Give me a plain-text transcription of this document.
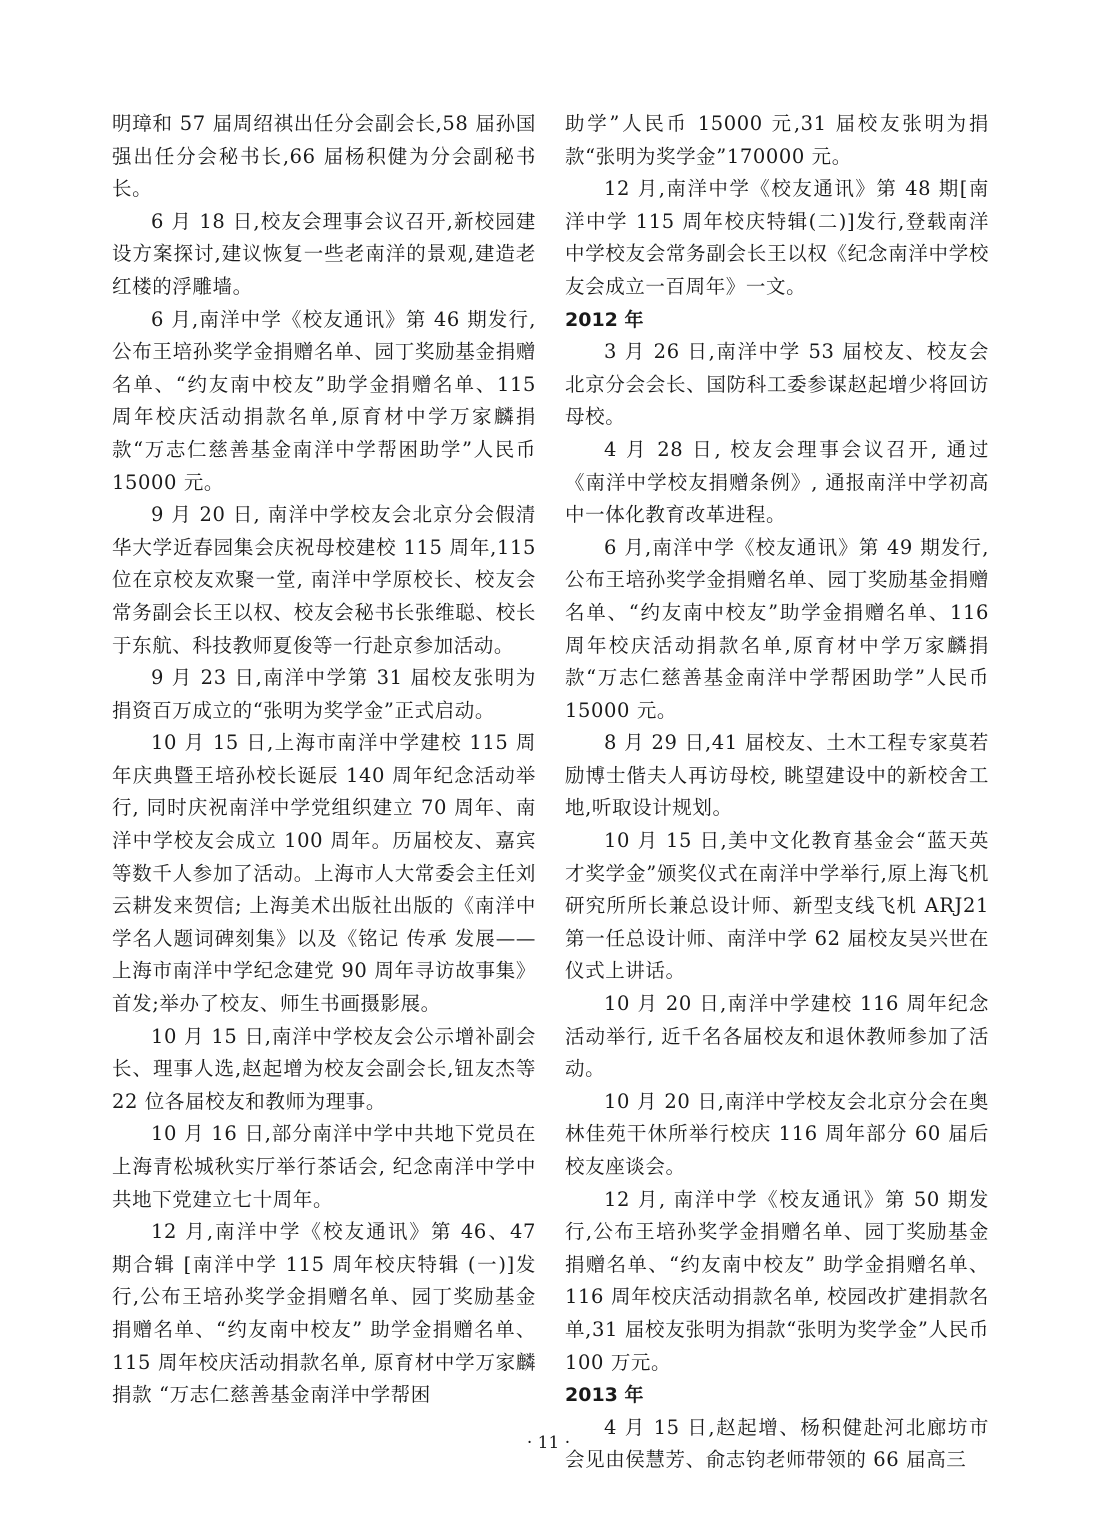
明璋和 57 届周绍祺出任分会副会长,58 届孙国强出任分会秘书长,66 届杨积健为分会副秘书长。

6 月 18 日,校友会理事会议召开,新校园建设方案探讨,建议恢复一些老南洋的景观,建造老红楼的浮雕墙。

6 月,南洋中学《校友通讯》第 46 期发行,公布王培孙奖学金捐赠名单、园丁奖励基金捐赠名单、“约友南中校友”助学金捐赠名单、115 周年校庆活动捐款名单,原育材中学万家麟捐款“万志仁慈善基金南洋中学帮困助学”人民币 15000 元。

9 月 20 日, 南洋中学校友会北京分会假清华大学近春园集会庆祝母校建校 115 周年,115 位在京校友欢聚一堂, 南洋中学原校长、校友会常务副会长王以权、校友会秘书长张维聪、校长于东航、科技教师夏俊等一行赴京参加活动。

9 月 23 日,南洋中学第 31 届校友张明为捐资百万成立的“张明为奖学金”正式启动。

10 月 15 日,上海市南洋中学建校 115 周年庆典暨王培孙校长诞辰 140 周年纪念活动举行, 同时庆祝南洋中学党组织建立 70 周年、南洋中学校友会成立 100 周年。历届校友、嘉宾等数千人参加了活动。上海市人大常委会主任刘云耕发来贺信; 上海美术出版社出版的《南洋中学名人题词碑刻集》以及《铭记 传承 发展——上海市南洋中学纪念建党 90 周年寻访故事集》首发;举办了校友、师生书画摄影展。

10 月 15 日,南洋中学校友会公示增补副会长、理事人选,赵起增为校友会副会长,钮友杰等 22 位各届校友和教师为理事。

10 月 16 日,部分南洋中学中共地下党员在上海青松城秋实厅举行茶话会, 纪念南洋中学中共地下党建立七十周年。

12 月,南洋中学《校友通讯》第 46、47 期合辑 [南洋中学 115 周年校庆特辑 (一)]发行,公布王培孙奖学金捐赠名单、园丁奖励基金捐赠名单、“约友南中校友” 助学金捐赠名单、115 周年校庆活动捐款名单, 原育材中学万家麟捐款 “万志仁慈善基金南洋中学帮困

助学”人民币 15000 元,31 届校友张明为捐款“张明为奖学金”170000 元。

12 月,南洋中学《校友通讯》第 48 期[南洋中学 115 周年校庆特辑(二)]发行,登载南洋中学校友会常务副会长王以权《纪念南洋中学校友会成立一百周年》一文。

2012 年

3 月 26 日,南洋中学 53 届校友、校友会北京分会会长、国防科工委参谋赵起增少将回访母校。

4 月 28 日, 校友会理事会议召开, 通过《南洋中学校友捐赠条例》, 通报南洋中学初高中一体化教育改革进程。

6 月,南洋中学《校友通讯》第 49 期发行,公布王培孙奖学金捐赠名单、园丁奖励基金捐赠名单、“约友南中校友”助学金捐赠名单、116 周年校庆活动捐款名单,原育材中学万家麟捐款“万志仁慈善基金南洋中学帮困助学”人民币 15000 元。

8 月 29 日,41 届校友、土木工程专家莫若励博士偕夫人再访母校, 眺望建设中的新校舍工地,听取设计规划。

10 月 15 日,美中文化教育基金会“蓝天英才奖学金”颁奖仪式在南洋中学举行,原上海飞机研究所所长兼总设计师、新型支线飞机 ARJ21 第一任总设计师、南洋中学 62 届校友吴兴世在仪式上讲话。

10 月 20 日,南洋中学建校 116 周年纪念活动举行, 近千名各届校友和退休教师参加了活动。

10 月 20 日,南洋中学校友会北京分会在奥林佳苑干休所举行校庆 116 周年部分 60 届后校友座谈会。

12 月, 南洋中学《校友通讯》第 50 期发行,公布王培孙奖学金捐赠名单、园丁奖励基金捐赠名单、“约友南中校友” 助学金捐赠名单、116 周年校庆活动捐款名单, 校园改扩建捐款名单,31 届校友张明为捐款“张明为奖学金”人民币 100 万元。

2013 年

4 月 15 日,赵起增、杨积健赴河北廊坊市会见由侯慧芳、俞志钧老师带领的 66 届高三

· 11 ·
